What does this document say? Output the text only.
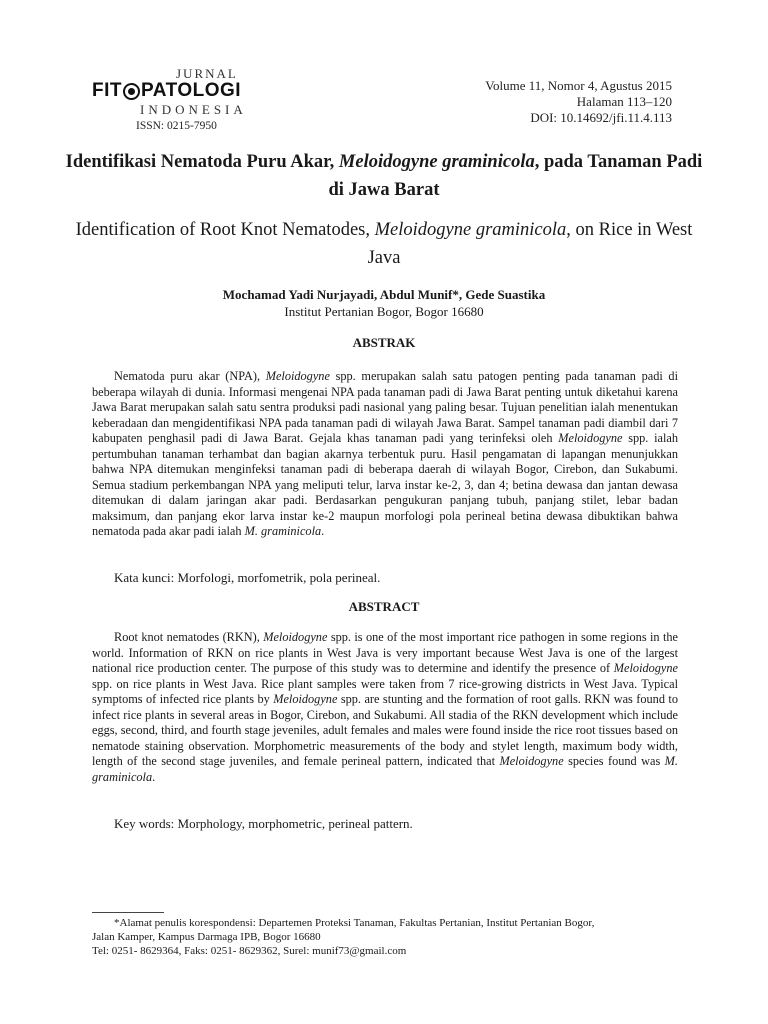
JURNAL
FIT PATOLOGI
INDONESIA
ISSN: 0215-7950
Volume 11, Nomor 4, Agustus 2015
Halaman 113–120
DOI: 10.14692/jfi.11.4.113
Identifikasi Nematoda Puru Akar, Meloidogyne graminicola, pada Tanaman Padi di Jawa Barat
Identification of Root Knot Nematodes, Meloidogyne graminicola, on Rice in West Java
Mochamad Yadi Nurjayadi, Abdul Munif*, Gede Suastika
Institut Pertanian Bogor, Bogor 16680
ABSTRAK
Nematoda puru akar (NPA), Meloidogyne spp. merupakan salah satu patogen penting pada tanaman padi di beberapa wilayah di dunia. Informasi mengenai NPA pada tanaman padi di Jawa Barat penting untuk diketahui karena Jawa Barat merupakan salah satu sentra produksi padi nasional yang paling besar. Tujuan penelitian ialah menentukan keberadaan dan mengidentifikasi NPA pada tanaman padi di wilayah Jawa Barat. Sampel tanaman padi diambil dari 7 kabupaten penghasil padi di Jawa Barat. Gejala khas tanaman padi yang terinfeksi oleh Meloidogyne spp. ialah pertumbuhan tanaman terhambat dan bagian akarnya terbentuk puru. Hasil pengamatan di lapangan menunjukkan bahwa NPA ditemukan menginfeksi tanaman padi di beberapa daerah di wilayah Bogor, Cirebon, dan Sukabumi. Semua stadium perkembangan NPA yang meliputi telur, larva instar ke-2, 3, dan 4; betina dewasa dan jantan dewasa ditemukan di dalam jaringan akar padi. Berdasarkan pengukuran panjang tubuh, panjang stilet, lebar badan maksimum, dan panjang ekor larva instar ke-2 maupun morfologi pola perineal betina dewasa dibuktikan bahwa nematoda pada akar padi ialah M. graminicola.
Kata kunci: Morfologi, morfometrik, pola perineal.
ABSTRACT
Root knot nematodes (RKN), Meloidogyne spp. is one of the most important rice pathogen in some regions in the world. Information of RKN on rice plants in West Java is very important because West Java is one of the largest national rice production center. The purpose of this study was to determine and identify the presence of Meloidogyne spp. on rice plants in West Java. Rice plant samples were taken from 7 rice-growing districts in West Java. Typical symptoms of infected rice plants by Meloidogyne spp. are stunting and the formation of root galls. RKN was found to infect rice plants in several areas in Bogor, Cirebon, and Sukabumi. All stadia of the RKN development which include eggs, second, third, and fourth stage jeveniles, adult females and males were found inside the rice root tissues based on nematode staining observation. Morphometric measurements of the body and stylet length, maximum body width, length of the second stage juveniles, and female perineal pattern, indicated that Meloidogyne species found was M. graminicola.
Key words: Morphology, morphometric, perineal pattern.
*Alamat penulis korespondensi: Departemen Proteksi Tanaman, Fakultas Pertanian, Institut Pertanian Bogor,
Jalan Kamper, Kampus Darmaga IPB, Bogor 16680
Tel: 0251- 8629364, Faks: 0251- 8629362, Surel: munif73@gmail.com
